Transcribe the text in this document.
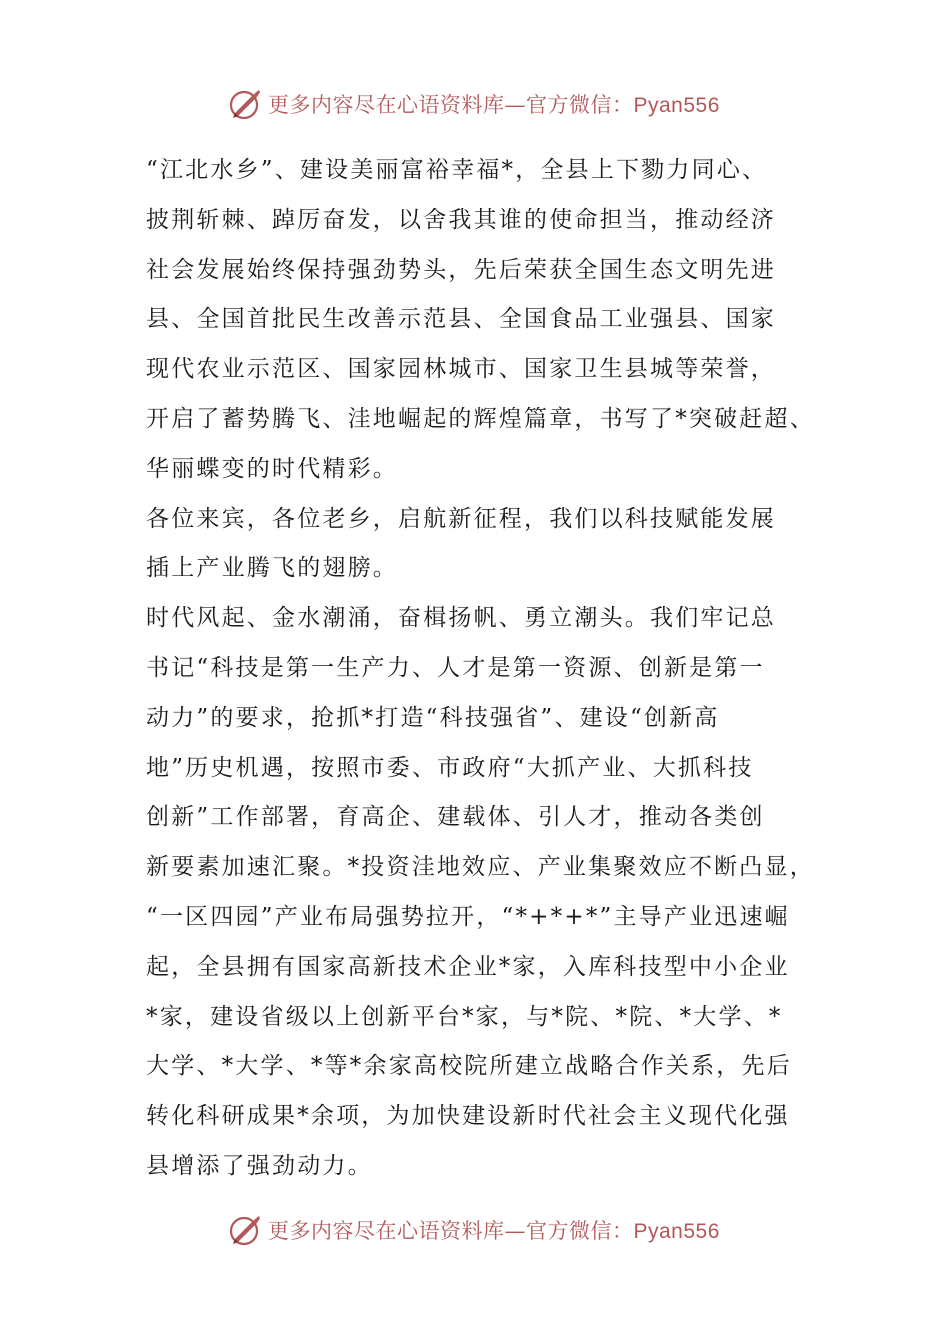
更多内容尽在心语资料库—官方微信：Pyan556
“江北水乡”、建设美丽富裕幸福*，全县上下勠力同心、
披荆斩棘、踔厉奋发，以舍我其谁的使命担当，推动经济
社会发展始终保持强劲势头，先后荣获全国生态文明先进
县、全国首批民生改善示范县、全国食品工业强县、国家
现代农业示范区、国家园林城市、国家卫生县城等荣誉，
开启了蓄势腾飞、洼地崛起的辉煌篇章，书写了*突破赶超、
华丽蝶变的时代精彩。
各位来宾，各位老乡，启航新征程，我们以科技赋能发展
插上产业腾飞的翅膀。
时代风起、金水潮涌，奋楫扬帆、勇立潮头。我们牢记总
书记“科技是第一生产力、人才是第一资源、创新是第一
动力”的要求，抢抓*打造“科技强省”、建设“创新高
地”历史机遇，按照市委、市政府“大抓产业、大抓科技
创新”工作部署，育高企、建载体、引人才，推动各类创
新要素加速汇聚。*投资洼地效应、产业集聚效应不断凸显，
“一区四园”产业布局强势拉开，“*+*+*”主导产业迅速崛
起，全县拥有国家高新技术企业*家，入库科技型中小企业
*家，建设省级以上创新平台*家，与*院、*院、*大学、*
大学、*大学、*等*余家高校院所建立战略合作关系，先后
转化科研成果*余项，为加快建设新时代社会主义现代化强
县增添了强劲动力。
更多内容尽在心语资料库—官方微信：Pyan556
